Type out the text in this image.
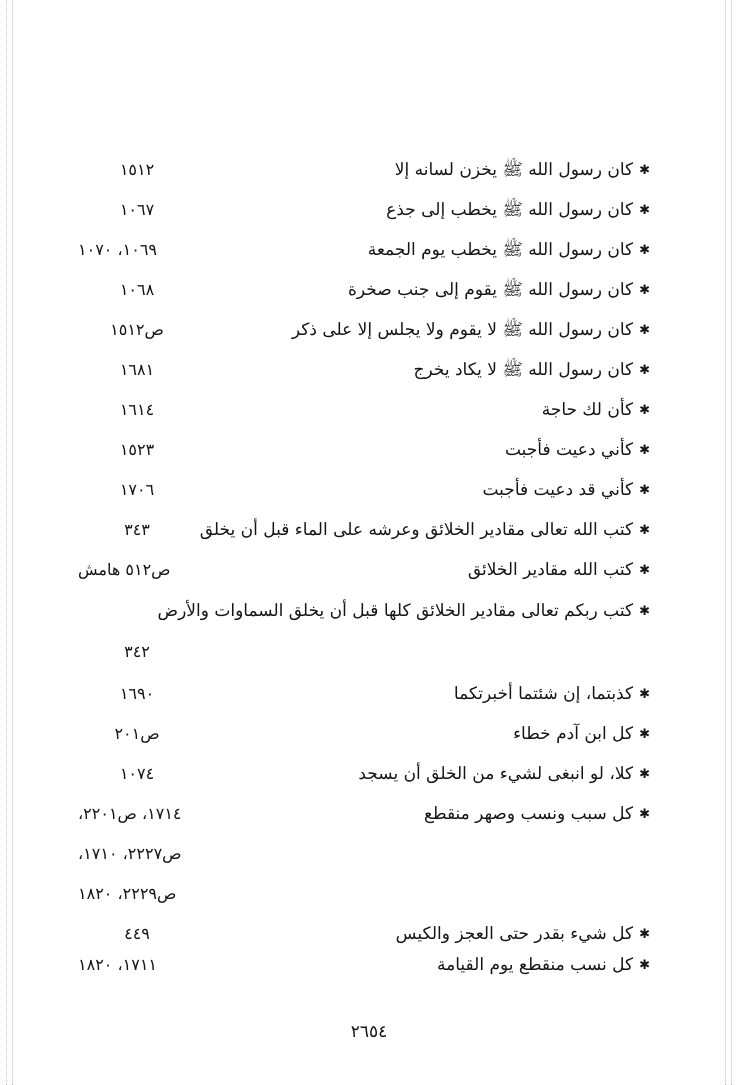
✱كان رسول الله ﷺ يخزن لسانه إلا
١٥١٢
✱كان رسول الله ﷺ يخطب إلى جذع
١٠٦٧
✱كان رسول الله ﷺ يخطب يوم الجمعة
١٠٦٩، ١٠٧٠
✱كان رسول الله ﷺ يقوم إلى جنب صخرة
١٠٦٨
✱كان رسول الله ﷺ لا يقوم ولا يجلس إلا على ذكر
ص١٥١٢
✱كان رسول الله ﷺ لا يكاد يخرج
١٦٨١
✱كأن لك حاجة
١٦١٤
✱كأني دعيت فأجبت
١٥٢٣
✱كأني قد دعيت فأجبت
١٧٠٦
✱كتب الله تعالى مقادير الخلائق وعرشه على الماء قبل أن يخلق
٣٤٣
✱كتب الله مقادير الخلائق
ص٥١٢ هامش
✱كتب ربكم تعالى مقادير الخلائق كلها قبل أن يخلق السماوات والأرض
٣٤٢
✱كذبتما، إن شئتما أخبرتكما
١٦٩٠
✱كل ابن آدم خطاء
ص٢٠١
✱كلا، لو انبغى لشيء من الخلق أن يسجد
١٠٧٤
✱كل سبب ونسب وصهر منقطع
١٧١٤، ص٢٢٠١،
ص٢٢٢٧، ١٧١٠،
ص٢٢٢٩، ١٨٢٠
✱كل شيء بقدر حتى العجز والكيس
٤٤٩
✱كل نسب منقطع يوم القيامة
١٧١١، ١٨٢٠
٢٦٥٤
